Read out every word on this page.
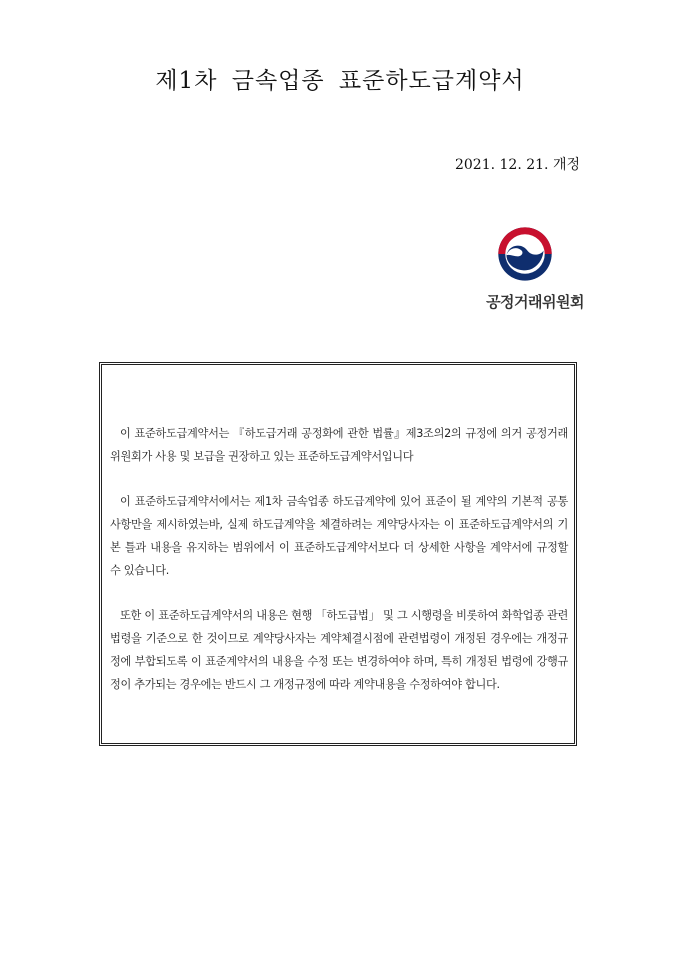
제1차 금속업종 표준하도급계약서
2021. 12. 21. 개정
공정거래위원회

이 표준하도급계약서는 『하도급거래 공정화에 관한 법률』제3조의2의 규정에 의거 공정거래위원회가 사용 및 보급을 권장하고 있는 표준하도급계약서입니다

이 표준하도급계약서에서는 제1차 금속업종 하도급계약에 있어 표준이 될 계약의 기본적 공통사항만을 제시하였는바, 실제 하도급계약을 체결하려는 계약당사자는 이 표준하도급계약서의 기본 틀과 내용을 유지하는 범위에서 이 표준하도급계약서보다 더 상세한 사항을 계약서에 규정할 수 있습니다.

또한 이 표준하도급계약서의 내용은 현행 「하도급법」 및 그 시행령을 비롯하여 화학업종 관련 법령을 기준으로 한 것이므로 계약당사자는 계약체결시점에 관련법령이 개정된 경우에는 개정규정에 부합되도록 이 표준계약서의 내용을 수정 또는 변경하여야 하며, 특히 개정된 법령에 강행규정이 추가되는 경우에는 반드시 그 개정규정에 따라 계약내용을 수정하여야 합니다.
